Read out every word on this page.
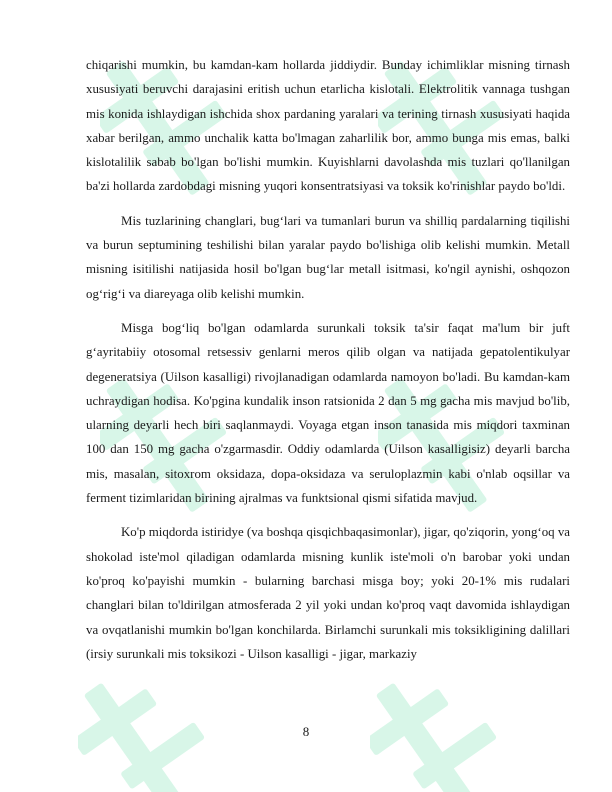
chiqarishi mumkin, bu kamdan-kam hollarda jiddiydir. Bunday ichimliklar misning tirnash xususiyati beruvchi darajasini eritish uchun etarlicha kislotali. Elektrolitik vannaga tushgan mis konida ishlaydigan ishchida shox pardaning yaralari va terining tirnash xususiyati haqida xabar berilgan, ammo unchalik katta bo'lmagan zaharlilik bor, ammo bunga mis emas, balki kislotalilik sabab bo'lgan bo'lishi mumkin. Kuyishlarni davolashda mis tuzlari qo'llanilgan ba'zi hollarda zardobdagi misning yuqori konsentratsiyasi va toksik ko'rinishlar paydo bo'ldi.

Mis tuzlarining changlari, bug‘lari va tumanlari burun va shilliq pardalarning tiqilishi va burun septumining teshilishi bilan yaralar paydo bo'lishiga olib kelishi mumkin. Metall misning isitilishi natijasida hosil bo'lgan bug‘lar metall isitmasi, ko'ngil aynishi, oshqozon og‘rig‘i va diareyaga olib kelishi mumkin.

Misga bog‘liq bo'lgan odamlarda surunkali toksik ta'sir faqat ma'lum bir juft g‘ayritabiiy otosomal retsessiv genlarni meros qilib olgan va natijada gepatolentikulyar degeneratsiya (Uilson kasalligi) rivojlanadigan odamlarda namoyon bo'ladi. Bu kamdan-kam uchraydigan hodisa. Ko'pgina kundalik inson ratsionida 2 dan 5 mg gacha mis mavjud bo'lib, ularning deyarli hech biri saqlanmaydi. Voyaga etgan inson tanasida mis miqdori taxminan 100 dan 150 mg gacha o'zgarmasdir. Oddiy odamlarda (Uilson kasalligisiz) deyarli barcha mis, masalan, sitoxrom oksidaza, dopa-oksidaza va seruloplazmin kabi o'nlab oqsillar va ferment tizimlaridan birining ajralmas va funktsional qismi sifatida mavjud.

Ko'p miqdorda istiridye (va boshqa qisqichbaqasimonlar), jigar, qo'ziqorin, yong‘oq va shokolad iste'mol qiladigan odamlarda misning kunlik iste'moli o'n barobar yoki undan ko'proq ko'payishi mumkin - bularning barchasi misga boy; yoki 20-1% mis rudalari changlari bilan to'ldirilgan atmosferada 2 yil yoki undan ko'proq vaqt davomida ishlaydigan va ovqatlanishi mumkin bo'lgan konchilarda. Birlamchi surunkali mis toksikligining dalillari (irsiy surunkali mis toksikozi - Uilson kasalligi - jigar, markaziy

8
